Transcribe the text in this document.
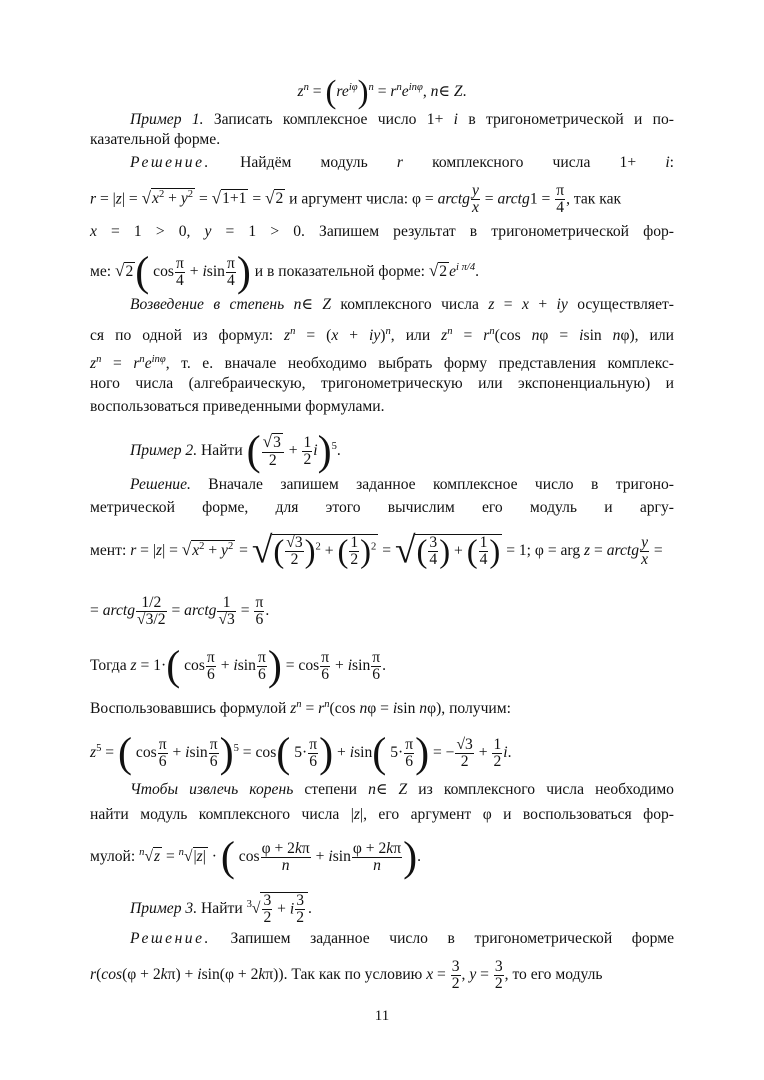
$z^n = (re^{i\varphi})^n = r^ne^{in\varphi}$, n∈ Z.
Пример 1. Записать комплексное число 1+ i в тригонометрической и по-
казательной форме.
Решение. Найдём модуль r комплексного числа 1+ i:
$r = |z| = √x^2 + y^2 = √1+1 = √2$ и аргумент числа: φ = arctg $\frac{y}{x}$ = arctg1 = $\frac{\pi}{4}$ , так как
x = 1 > 0, y = 1 > 0. Запишем результат в тригонометрической фор-
ме: √2( $\cos \frac{\pi}{4} + isin \frac{\pi}{4}$ ) и в показательной форме: √2 $e^{i \pi/4}$.
Возведение в степень n∈ Z комплексного числа z = x + iy осуществляет-
ся по одной из формул: $z^n = (x + iy)^n$, или $z^n = r^n(\cos$ nφ = isin nφ), или
$z^n = r^ne^{in\varphi}$, т. е. вначале необходимо выбрать форму представления комплекс-
ного числа (алгебраическую, тригонометрическую или экспоненциальную) и
воспользоваться приведенными формулами.
Пример 2. Найти ( $\frac{√3}{2} + \frac{1}{2} i)^5$.
Решение. Вначале запишем заданное комплексное число в тригоно-
метрической форме, для этого вычислим его модуль и аргу-
мент: $r = |z| = √x^2 + y^2$ = √( $\frac{√3}{2} )^2$ + ( $\frac{1}{2} )^2$ = √( $\frac{3}{4}$ ) + ( $\frac{1}{4}$ ) = 1; φ = arg z = arctg $\frac{y}{x}$ =
= arctg $\frac{1/2}{√3/2}$ = arctg $\frac{1}{√3} = \frac{\pi}{6}$ .
Тогда z = 1·( $\cos \frac{\pi}{6} + isin \frac{\pi}{6}$ ) = $\cos \frac{\pi}{6} + isin \frac{\pi}{6}$ .
Воспользовавшись формулой $z^n = r^n(\cos$ nφ = isin nφ), получим:
$z^5$ = ( $\cos \frac{\pi}{6} + isin \frac{\pi}{6} )^5 = \cos$( $5\cdot \frac{\pi}{6}$ ) + isin( $5\cdot \frac{\pi}{6}$ ) = − $\frac{√3}{2} + \frac{1}{2} i$.
Чтобы извлечь корень степени n∈ Z из комплексного числа необходимо
найти модуль комплексного числа |z|, его аргумент φ и воспользоваться фор-
мулой: $^n$√z = $^n$√|z| · ( $\cos \frac{\varphi + 2k\pi}{n} + isin \frac{\varphi + 2k\pi}{n}$ ).
Пример 3. Найти $^3√ \frac{3}{2} + i \frac{3}{2}$ .
Решение. Запишем заданное число в тригонометрической форме
r(cos(φ + 2kπ) + isin(φ + 2kπ)). Так как по условию $x = \frac{3}{2}$ , $y = \frac{3}{2}$ , то его модуль
11
